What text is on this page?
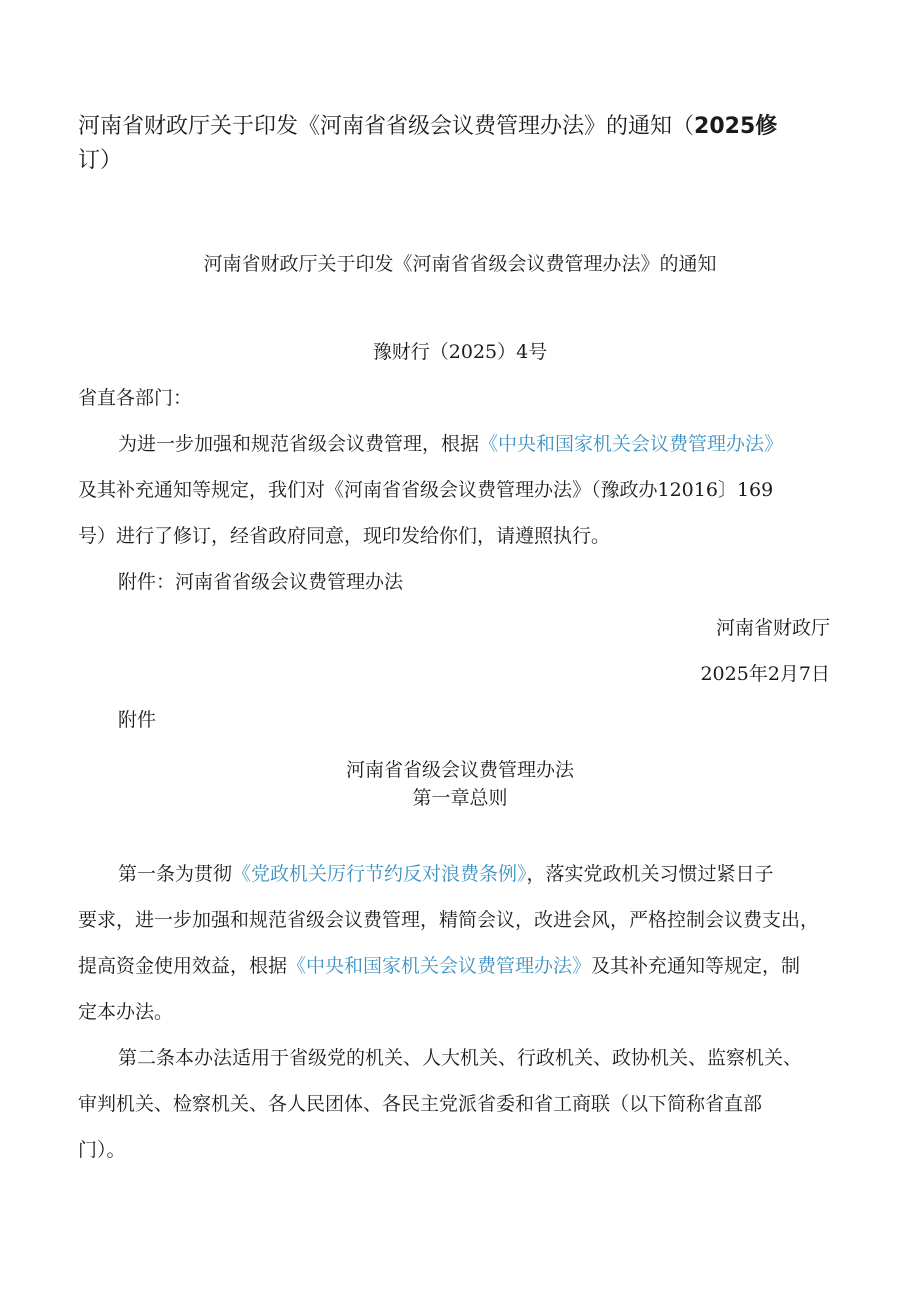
河南省财政厅关于印发《河南省省级会议费管理办法》的通知（2025修
订）
河南省财政厅关于印发《河南省省级会议费管理办法》的通知
豫财行（2025）4号
省直各部门：
为进一步加强和规范省级会议费管理，根据《中央和国家机关会议费管理办法》
及其补充通知等规定，我们对《河南省省级会议费管理办法》（豫政办12016〕169
号）进行了修订，经省政府同意，现印发给你们，请遵照执行。
附件：河南省省级会议费管理办法
河南省财政厅
2025年2月7日
附件
河南省省级会议费管理办法
第一章总则
第一条为贯彻《党政机关厉行节约反对浪费条例》，落实党政机关习惯过紧日子
要求，进一步加强和规范省级会议费管理，精简会议，改进会风，严格控制会议费支出，
提高资金使用效益，根据《中央和国家机关会议费管理办法》及其补充通知等规定，制
定本办法。
第二条本办法适用于省级党的机关、人大机关、行政机关、政协机关、监察机关、
审判机关、检察机关、各人民团体、各民主党派省委和省工商联（以下简称省直部
门）。
